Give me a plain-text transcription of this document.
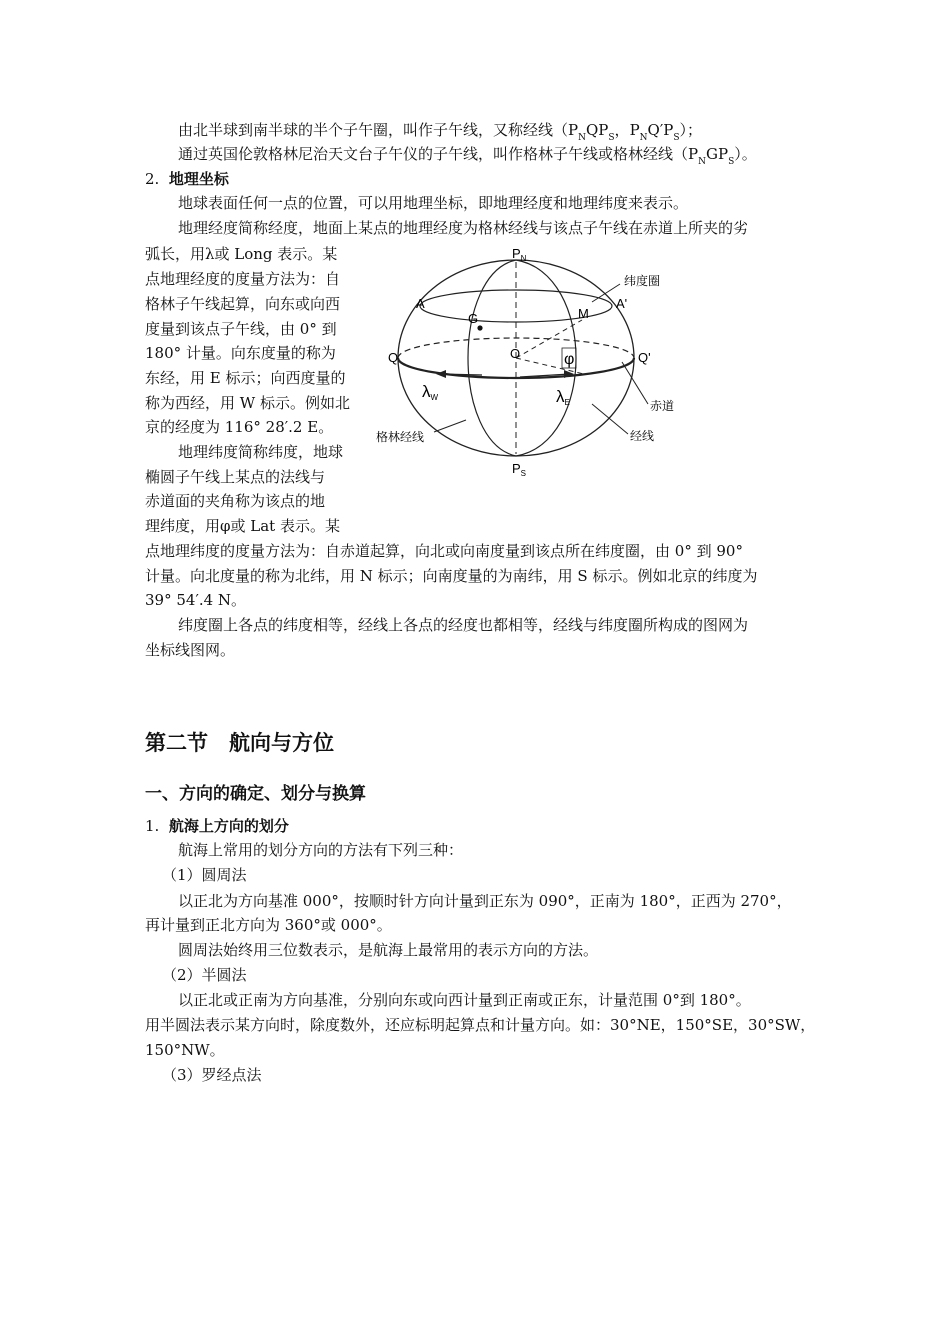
由北半球到南半球的半个子午圈，叫作子午线，又称经线（$P_NQP_S$，$P_NQ'P_S$）；
通过英国伦敦格林尼治天文台子午仪的子午线，叫作格林子午线或格林经线$(P_NGP_S)$。
2. 地理坐标
地球表面任何一点的位置，可以用地理坐标，即地理经度和地理纬度来表示。
地理经度简称经度，地面上某点的地理经度为格林经线与该点子午线在赤道上所夹的劣
弧长，用λ或 Long 表示。某
点地理经度的度量方法为：自
格林子午线起算，向东或向西
度量到该点子午线，由 0° 到
180° 计量。向东度量的称为
东经，用 E 标示；向西度量的
称为西经，用 W 标示。例如北
京的经度为 116° 28′.2 E。
地理纬度简称纬度，地球
椭圆子午线上某点的法线与
赤道面的夹角称为该点的地
理纬度，用φ或 Lat 表示。某
$P_N$
$P_S$
A	A'
G	M
Q	Q'
O	φ
λW	λE
纬度圈
赤道
经线
格林经线
点地理纬度的度量方法为：自赤道起算，向北或向南度量到该点所在纬度圈，由 0° 到 90°
计量。向北度量的称为北纬，用 N 标示；向南度量的为南纬，用 S 标示。例如北京的纬度为
39° 54′.4 N。
纬度圈上各点的纬度相等，经线上各点的经度也都相等，经线与纬度圈所构成的图网为
坐标线图网。
第二节　航向与方位
一、方向的确定、划分与换算
1. 航海上方向的划分
航海上常用的划分方向的方法有下列三种：
（1）圆周法
以正北为方向基准 000°，按顺时针方向计量到正东为 090°，正南为 180°，正西为 270°，
再计量到正北方向为 360°或 000°。
圆周法始终用三位数表示，是航海上最常用的表示方向的方法。
（2）半圆法
以正北或正南为方向基准，分别向东或向西计量到正南或正东，计量范围 0°到 180°。
用半圆法表示某方向时，除度数外，还应标明起算点和计量方向。如：30°NE，150°SE，30°SW，
150°NW。
（3）罗经点法
